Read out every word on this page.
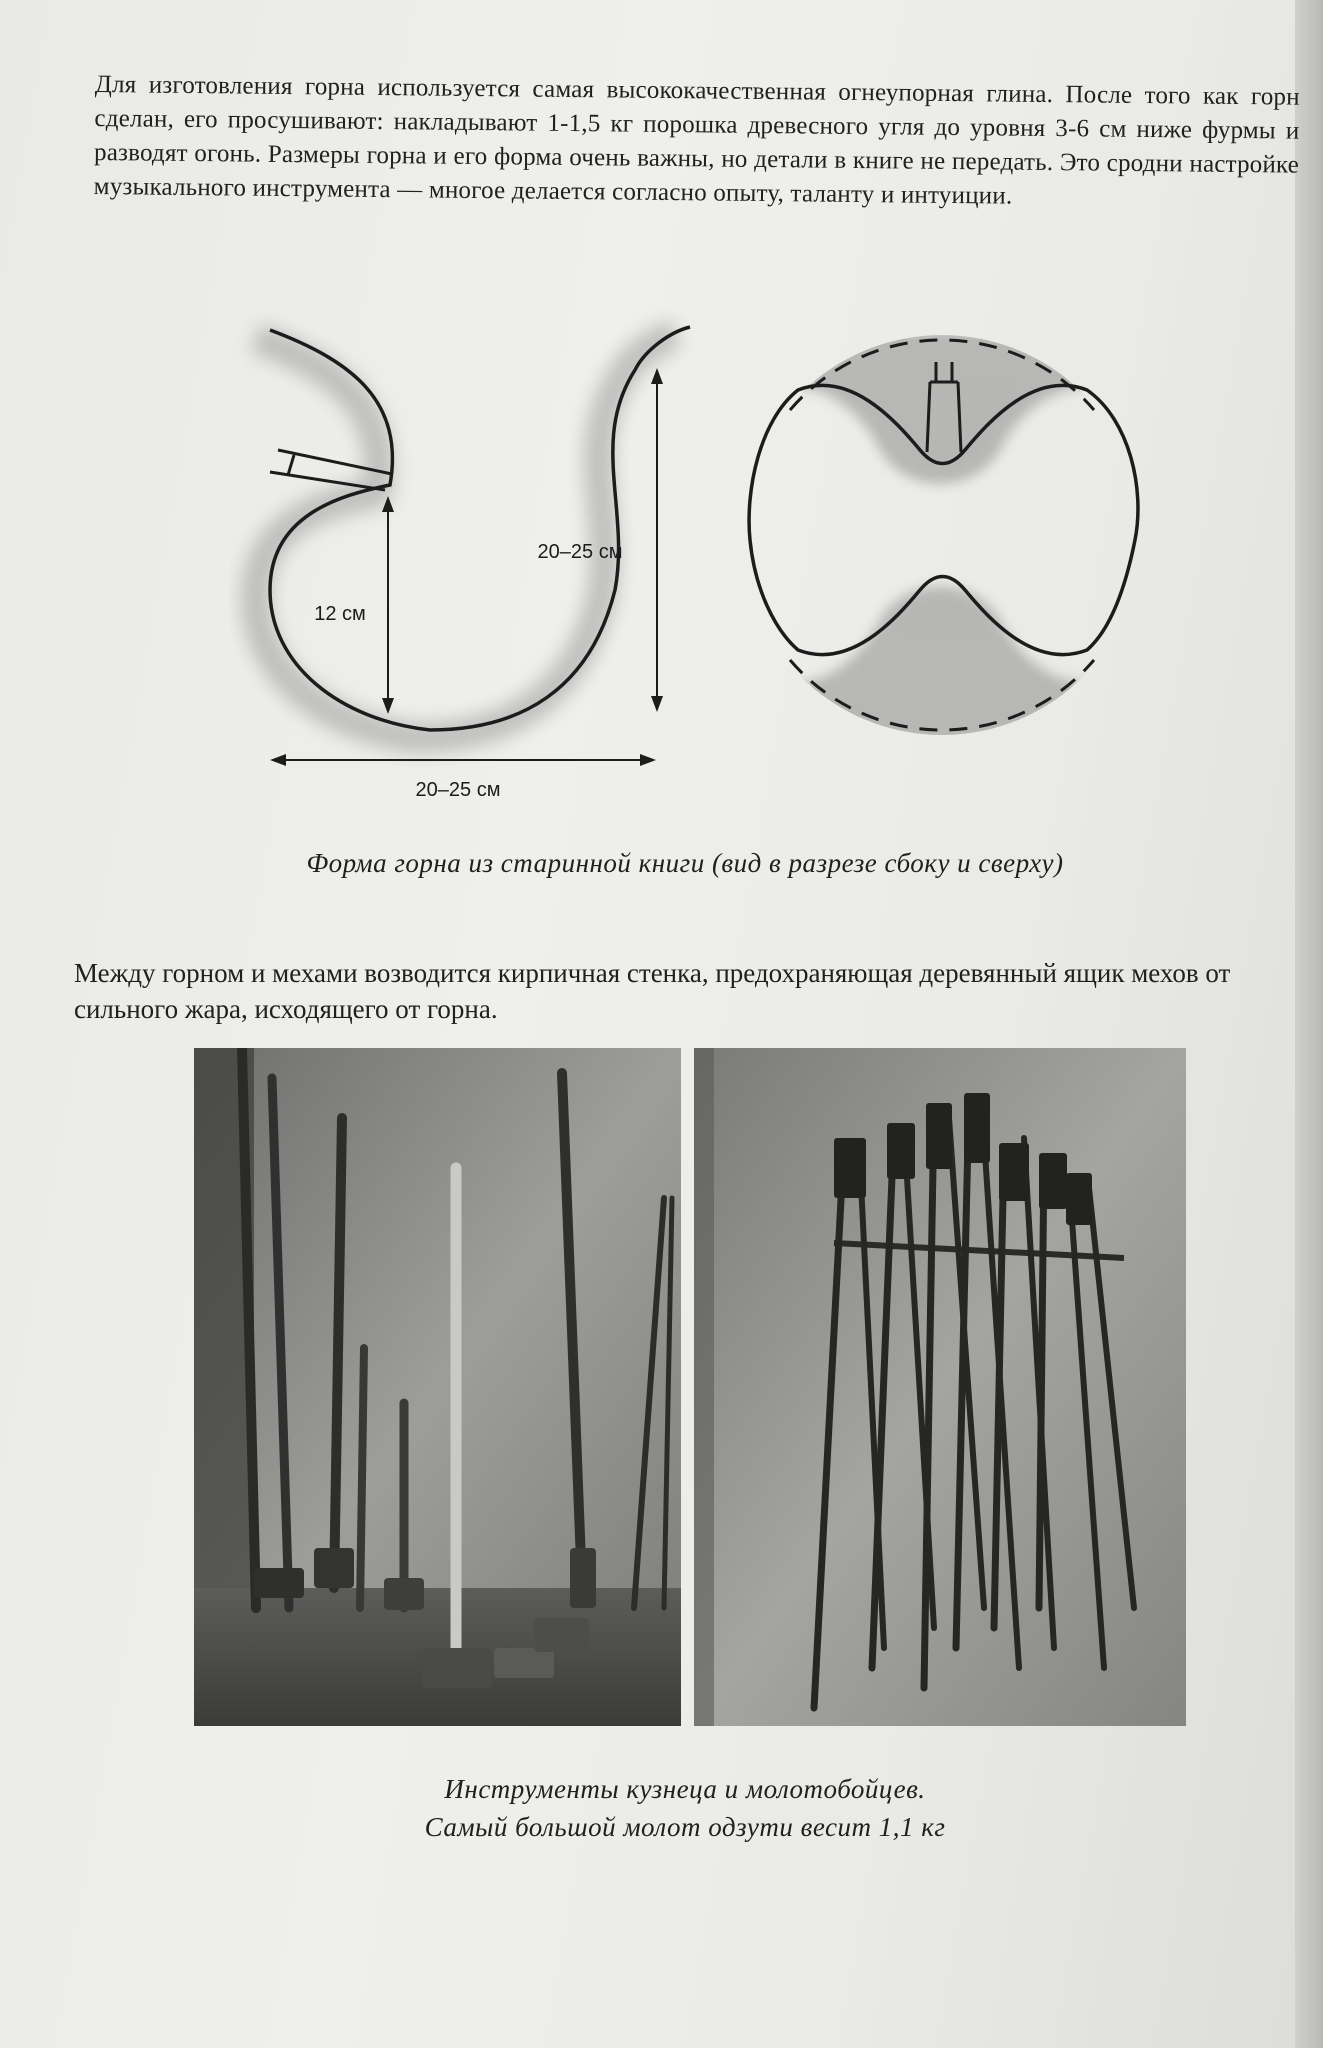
Для изготовления горна используется самая высококачественная огнеупорная глина. После того как горн сделан, его просушивают: накладывают 1-1,5 кг порошка древесного угля до уровня 3-6 см ниже фурмы и разводят огонь. Размеры горна и его форма очень важны, но детали в книге не передать. Это сродни настройке музыкального инструмента — многое делается согласно опыту, таланту и интуиции.

12 см
20–25 см
20–25 см
Форма горна из старинной книги (вид в разрезе сбоку и сверху)

Между горном и мехами возводится кирпичная стенка, предохраняющая деревянный ящик мехов от сильного жара, исходящего от горна.

Инструменты кузнеца и молотобойцев.
Самый большой молот одзути весит 1,1 кг
